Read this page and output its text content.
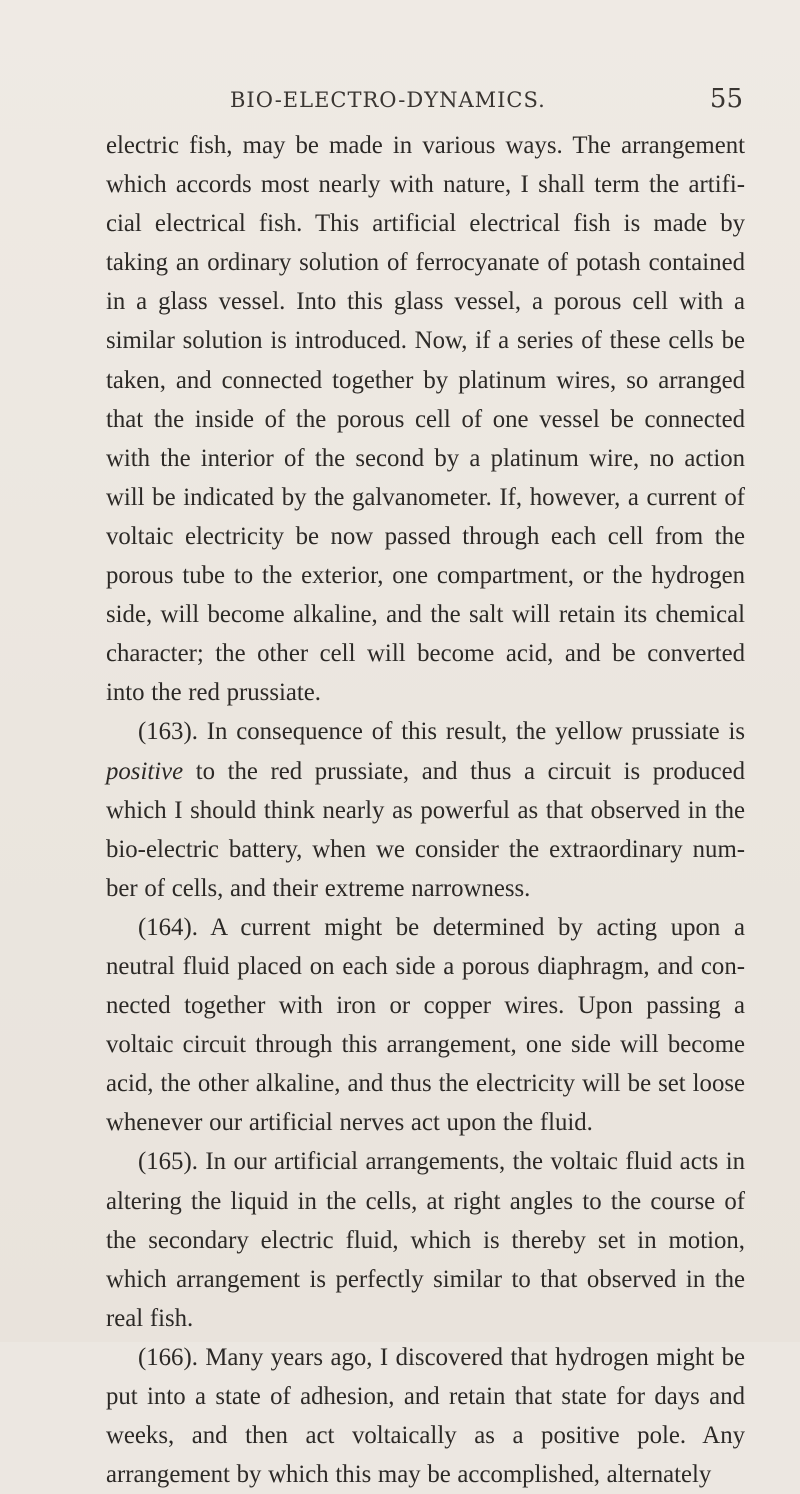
BIO-ELECTRO-DYNAMICS.	55

electric fish, may be made in various ways. The arrangement which accords most nearly with nature, I shall term the artifi-cial electrical fish. This artificial electrical fish is made by taking an ordinary solution of ferrocyanate of potash contained in a glass vessel. Into this glass vessel, a porous cell with a similar solution is introduced. Now, if a series of these cells be taken, and connected together by platinum wires, so arranged that the inside of the porous cell of one vessel be connected with the interior of the second by a platinum wire, no action will be indicated by the galvanometer. If, however, a current of voltaic electricity be now passed through each cell from the porous tube to the exterior, one compartment, or the hydrogen side, will become alkaline, and the salt will retain its chemical character; the other cell will become acid, and be converted into the red prussiate.

(163). In consequence of this result, the yellow prussiate is positive to the red prussiate, and thus a circuit is produced which I should think nearly as powerful as that observed in the bio-electric battery, when we consider the extraordinary num-ber of cells, and their extreme narrowness.

(164). A current might be determined by acting upon a neutral fluid placed on each side a porous diaphragm, and con-nected together with iron or copper wires. Upon passing a voltaic circuit through this arrangement, one side will become acid, the other alkaline, and thus the electricity will be set loose whenever our artificial nerves act upon the fluid.

(165). In our artificial arrangements, the voltaic fluid acts in altering the liquid in the cells, at right angles to the course of the secondary electric fluid, which is thereby set in motion, which arrangement is perfectly similar to that observed in the real fish.

(166). Many years ago, I discovered that hydrogen might be put into a state of adhesion, and retain that state for days and weeks, and then act voltaically as a positive pole. Any arrangement by which this may be accomplished, alternately
